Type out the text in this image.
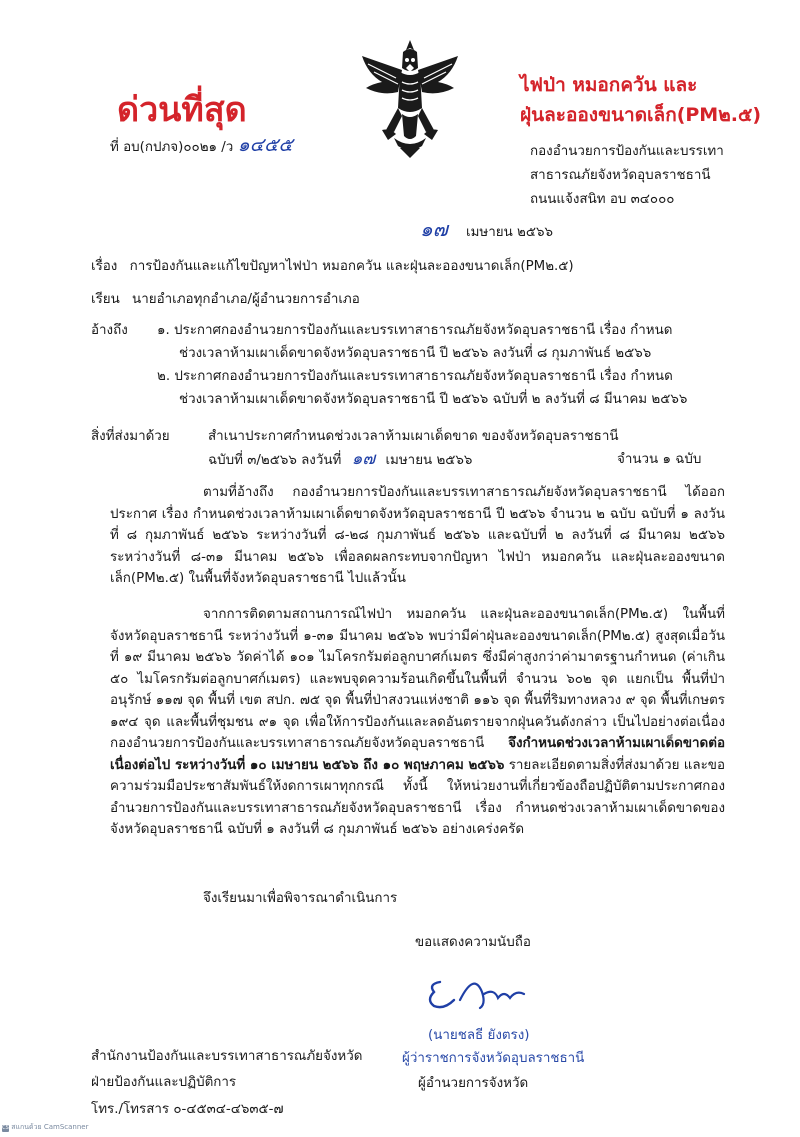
ด่วนที่สุด
ที่ อบ(กปภจ)๐๐๒๑ /ว ๑๔๕๕
ไฟป่า หมอกควัน และ
ฝุ่นละอองขนาดเล็ก(PM๒.๕)
กองอำนวยการป้องกันและบรรเทา
สาธารณภัยจังหวัดอุบลราชธานี
ถนนแจ้งสนิท อบ ๓๔๐๐๐
๑๗ เมษายน ๒๕๖๖
เรื่อง การป้องกันและแก้ไขปัญหาไฟป่า หมอกควัน และฝุ่นละอองขนาดเล็ก(PM๒.๕)
เรียน นายอำเภอทุกอำเภอ/ผู้อำนวยการอำเภอ
อ้างถึง ๑. ประกาศกองอำนวยการป้องกันและบรรเทาสาธารณภัยจังหวัดอุบลราชธานี เรื่อง กำหนด
ช่วงเวลาห้ามเผาเด็ดขาดจังหวัดอุบลราชธานี ปี ๒๕๖๖ ลงวันที่ ๘ กุมภาพันธ์ ๒๕๖๖
๒. ประกาศกองอำนวยการป้องกันและบรรเทาสาธารณภัยจังหวัดอุบลราชธานี เรื่อง กำหนด
ช่วงเวลาห้ามเผาเด็ดขาดจังหวัดอุบลราชธานี ปี ๒๕๖๖ ฉบับที่ ๒ ลงวันที่ ๘ มีนาคม ๒๕๖๖
สิ่งที่ส่งมาด้วย	สำเนาประกาศกำหนดช่วงเวลาห้ามเผาเด็ดขาด ของจังหวัดอุบลราชธานี
ฉบับที่ ๓/๒๕๖๖ ลงวันที่ ๑๗ เมษายน ๒๕๖๖	จำนวน ๑ ฉบับ
ตามที่อ้างถึง กองอำนวยการป้องกันและบรรเทาสาธารณภัยจังหวัดอุบลราชธานี ได้ออกประกาศ เรื่อง กำหนดช่วงเวลาห้ามเผาเด็ดขาดจังหวัดอุบลราชธานี ปี ๒๕๖๖ จำนวน ๒ ฉบับ ฉบับที่ ๑ ลงวันที่ ๘ กุมภาพันธ์ ๒๕๖๖ ระหว่างวันที่ ๘-๒๘ กุมภาพันธ์ ๒๕๖๖ และฉบับที่ ๒ ลงวันที่ ๘ มีนาคม ๒๕๖๖ ระหว่างวันที่ ๘-๓๑ มีนาคม ๒๕๖๖ เพื่อลดผลกระทบจากปัญหา ไฟป่า หมอกควัน และฝุ่นละอองขนาดเล็ก(PM๒.๕) ในพื้นที่จังหวัดอุบลราชธานี ไปแล้วนั้น
จากการติดตามสถานการณ์ไฟป่า หมอกควัน และฝุ่นละอองขนาดเล็ก(PM๒.๕) ในพื้นที่จังหวัดอุบลราชธานี ระหว่างวันที่ ๑-๓๑ มีนาคม ๒๕๖๖ พบว่ามีค่าฝุ่นละอองขนาดเล็ก(PM๒.๕) สูงสุดเมื่อวันที่ ๑๙ มีนาคม ๒๕๖๖ วัดค่าได้ ๑๐๑ ไมโครกรัมต่อลูกบาศก์เมตร ซึ่งมีค่าสูงกว่าค่ามาตรฐานกำหนด (ค่าเกิน ๕๐ ไมโครกรัมต่อลูกบาศก์เมตร) และพบจุดความร้อนเกิดขึ้นในพื้นที่ จำนวน ๖๐๒ จุด แยกเป็น พื้นที่ป่าอนุรักษ์ ๑๑๗ จุด พื้นที่ เขต สปก. ๗๕ จุด พื้นที่ป่าสงวนแห่งชาติ ๑๑๖ จุด พื้นที่ริมทางหลวง ๙ จุด พื้นที่เกษตร ๑๙๔ จุด และพื้นที่ชุมชน ๙๑ จุด เพื่อให้การป้องกันและลดอันตรายจากฝุ่นควันดังกล่าว เป็นไปอย่างต่อเนื่อง กองอำนวยการป้องกันและบรรเทาสาธารณภัยจังหวัดอุบลราชธานี จึงกำหนดช่วงเวลาห้ามเผาเด็ดขาดต่อเนื่องต่อไป ระหว่างวันที่ ๑๐ เมษายน ๒๕๖๖ ถึง ๑๐ พฤษภาคม ๒๕๖๖ รายละเอียดตามสิ่งที่ส่งมาด้วย และขอความร่วมมือประชาสัมพันธ์ให้งดการเผาทุกกรณี ทั้งนี้ ให้หน่วยงานที่เกี่ยวข้องถือปฏิบัติตามประกาศกองอำนวยการป้องกันและบรรเทาสาธารณภัยจังหวัดอุบลราชธานี เรื่อง กำหนดช่วงเวลาห้ามเผาเด็ดขาดของจังหวัดอุบลราชธานี ฉบับที่ ๑ ลงวันที่ ๘ กุมภาพันธ์ ๒๕๖๖ อย่างเคร่งครัด
จึงเรียนมาเพื่อพิจารณาดำเนินการ
ขอแสดงความนับถือ
(นายชลธี ยังตรง)
ผู้ว่าราชการจังหวัดอุบลราชธานี
ผู้อำนวยการจังหวัด
สำนักงานป้องกันและบรรเทาสาธารณภัยจังหวัด
ฝ่ายป้องกันและปฏิบัติการ
โทร./โทรสาร ๐-๔๕๓๔-๔๖๓๕-๗
CS สแกนด้วย CamScanner
